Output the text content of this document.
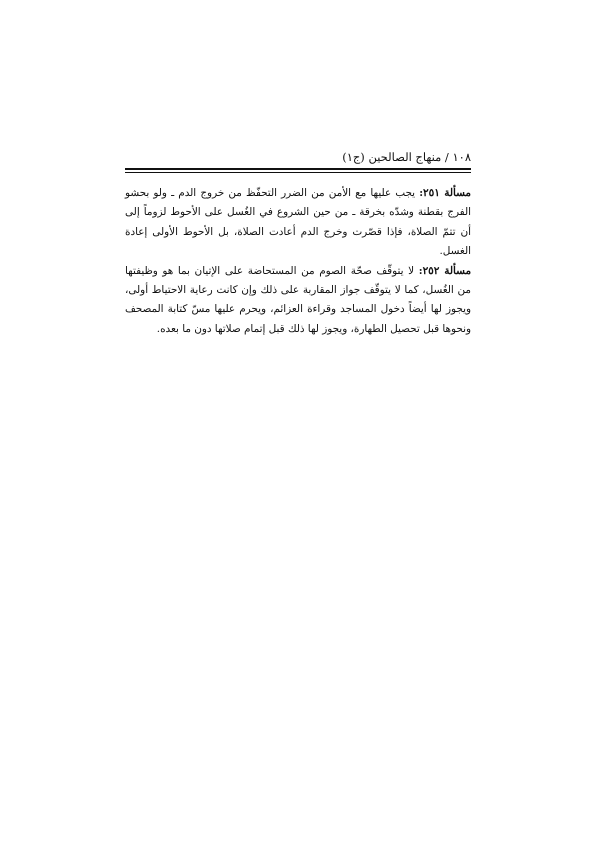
١٠٨ / منهاج الصالحين (ج١)

مسألة ٢٥١: يجب عليها مع الأمن من الضرر التحفّظ من خروج الدم ـ ولو بحشو الفرج بقطنة وشدّه بخرقة ـ من حين الشروع في الغُسل على الأحوط لزوماً إلى أن تتمّ الصلاة، فإذا قصّرت وخرج الدم أعادت الصلاة، بل الأحوط الأولى إعادة الغسل.

مسألة ٢٥٢: لا يتوقّف صحّة الصوم من المستحاضة على الإتيان بما هو وظيفتها من الغُسل، كما لا يتوقّف جواز المقاربة على ذلك وإن كانت رعاية الاحتياط أولى، ويجوز لها أيضاً دخول المساجد وقراءة العزائم، ويحرم عليها مسّ كتابة المصحف ونحوها قبل تحصيل الطهارة، ويجوز لها ذلك قبل إتمام صلاتها دون ما بعده.
